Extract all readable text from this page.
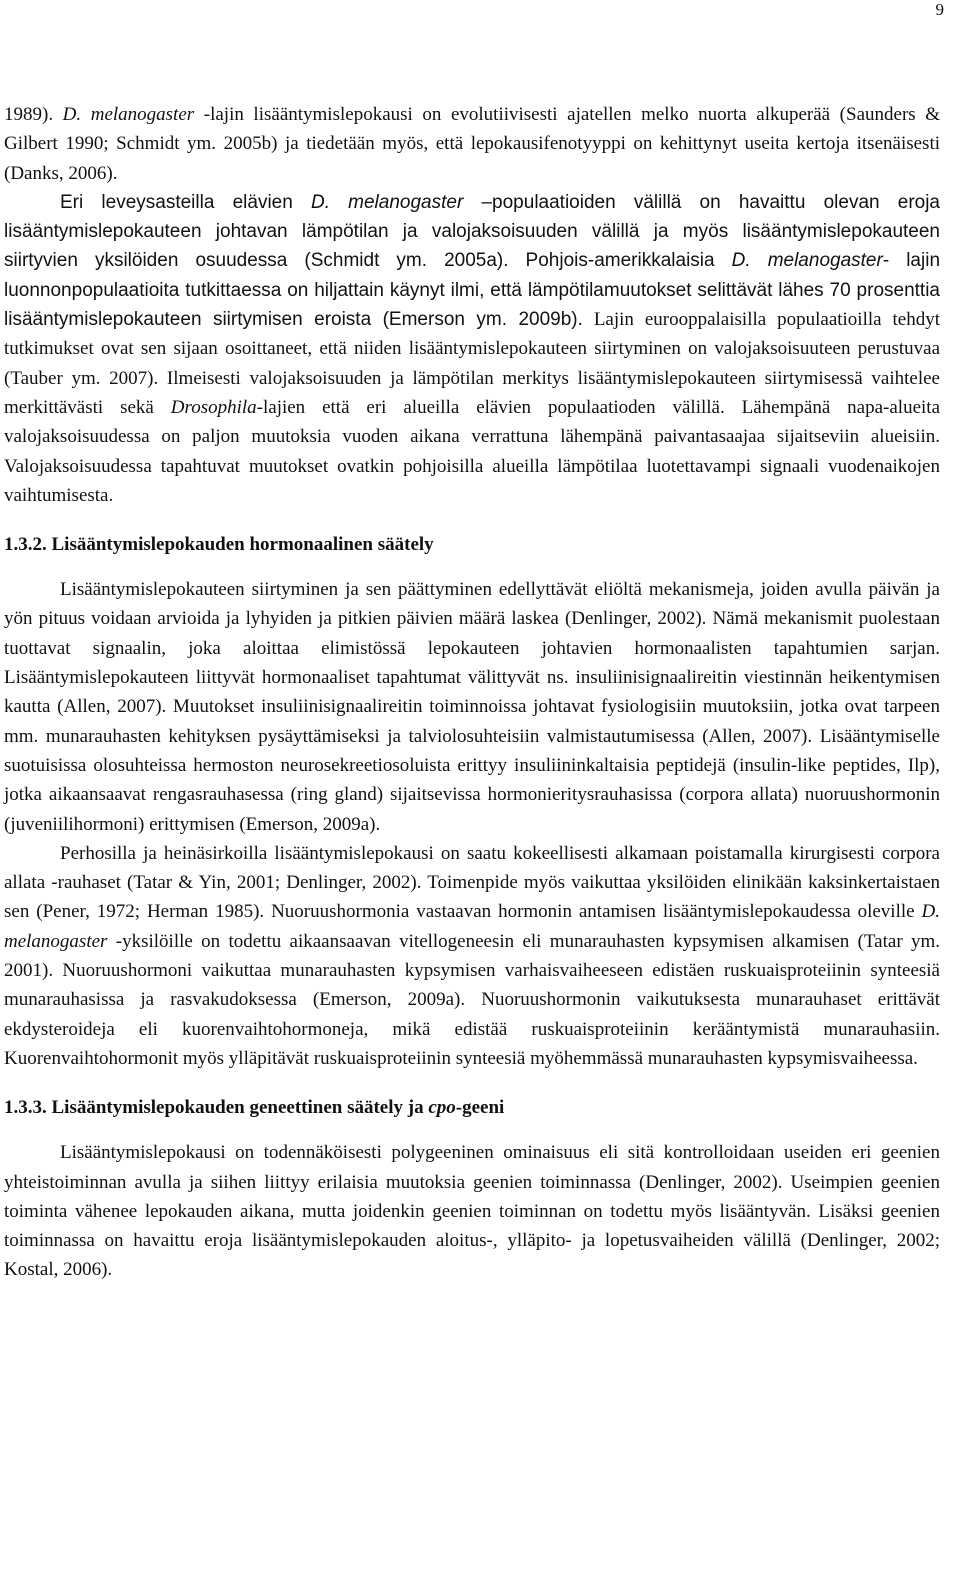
9

1989). D. melanogaster -lajin lisääntymislepokausi on evolutiivisesti ajatellen melko nuorta alkuperää (Saunders & Gilbert 1990; Schmidt ym. 2005b) ja tiedetään myös, että lepokausifenotyyppi on kehittynyt useita kertoja itsenäisesti (Danks, 2006).

Eri leveysasteilla elävien D. melanogaster –populaatioiden välillä on havaittu olevan eroja lisääntymislepokauteen johtavan lämpötilan ja valojaksoisuuden välillä ja myös lisääntymislepokauteen siirtyvien yksilöiden osuudessa (Schmidt ym. 2005a). Pohjois-amerikkalaisia D. melanogaster- lajin luonnonpopulaatioita tutkittaessa on hiljattain käynyt ilmi, että lämpötilamuutokset selittävät lähes 70 prosenttia lisääntymislepokauteen siirtymisen eroista (Emerson ym. 2009b). Lajin eurooppalaisilla populaatioilla tehdyt tutkimukset ovat sen sijaan osoittaneet, että niiden lisääntymislepokauteen siirtyminen on valojaksoisuuteen perustuvaa (Tauber ym. 2007). Ilmeisesti valojaksoisuuden ja lämpötilan merkitys lisääntymislepokauteen siirtymisessä vaihtelee merkittävästi sekä Drosophila-lajien että eri alueilla elävien populaatioden välillä. Lähempänä napa-alueita valojaksoisuudessa on paljon muutoksia vuoden aikana verrattuna lähempänä paivantasaajaa sijaitseviin alueisiin. Valojaksoisuudessa tapahtuvat muutokset ovatkin pohjoisilla alueilla lämpötilaa luotettavampi signaali vuodenaikojen vaihtumisesta.

1.3.2. Lisääntymislepokauden hormonaalinen säätely

Lisääntymislepokauteen siirtyminen ja sen päättyminen edellyttävät eliöltä mekanismeja, joiden avulla päivän ja yön pituus voidaan arvioida ja lyhyiden ja pitkien päivien määrä laskea (Denlinger, 2002). Nämä mekanismit puolestaan tuottavat signaalin, joka aloittaa elimistössä lepokauteen johtavien hormonaalisten tapahtumien sarjan. Lisääntymislepokauteen liittyvät hormonaaliset tapahtumat välittyvät ns. insuliinisignaalireitin viestinnän heikentymisen kautta (Allen, 2007). Muutokset insuliinisignaalireitin toiminnoissa johtavat fysiologisiin muutoksiin, jotka ovat tarpeen mm. munarauhasten kehityksen pysäyttämiseksi ja talviolosuhteisiin valmistautumisessa (Allen, 2007). Lisääntymiselle suotuisissa olosuhteissa hermoston neurosekreetiosoluista erittyy insuliininkaltaisia peptidejä (insulin-like peptides, Ilp), jotka aikaansaavat rengasrauhasessa (ring gland) sijaitsevissa hormonieritysrauhasissa (corpora allata) nuoruushormonin (juveniilihormoni) erittymisen (Emerson, 2009a).

Perhosilla ja heinäsirkoilla lisääntymislepokausi on saatu kokeellisesti alkamaan poistamalla kirurgisesti corpora allata -rauhaset (Tatar & Yin, 2001; Denlinger, 2002). Toimenpide myös vaikuttaa yksilöiden elinikään kaksinkertaistaen sen (Pener, 1972; Herman 1985). Nuoruushormonia vastaavan hormonin antamisen lisääntymislepokaudessa oleville D. melanogaster -yksilöille on todettu aikaansaavan vitellogeneesin eli munarauhasten kypsymisen alkamisen (Tatar ym. 2001). Nuoruushormoni vaikuttaa munarauhasten kypsymisen varhaisvaiheeseen edistäen ruskuaisproteiinin synteesiä munarauhasissa ja rasvakudoksessa (Emerson, 2009a). Nuoruushormonin vaikutuksesta munarauhaset erittävät ekdysteroideja eli kuorenvaihtohormoneja, mikä edistää ruskuaisproteiinin kerääntymistä munarauhasiin. Kuorenvaihtohormonit myös ylläpitävät ruskuaisproteiinin synteesiä myöhemmässä munarauhasten kypsymisvaiheessa.

1.3.3. Lisääntymislepokauden geneettinen säätely ja cpo-geeni

Lisääntymislepokausi on todennäköisesti polygeeninen ominaisuus eli sitä kontrolloidaan useiden eri geenien yhteistoiminnan avulla ja siihen liittyy erilaisia muutoksia geenien toiminnassa (Denlinger, 2002). Useimpien geenien toiminta vähenee lepokauden aikana, mutta joidenkin geenien toiminnan on todettu myös lisääntyvän. Lisäksi geenien toiminnassa on havaittu eroja lisääntymislepokauden aloitus-, ylläpito- ja lopetusvaiheiden välillä (Denlinger, 2002; Kostal, 2006).
